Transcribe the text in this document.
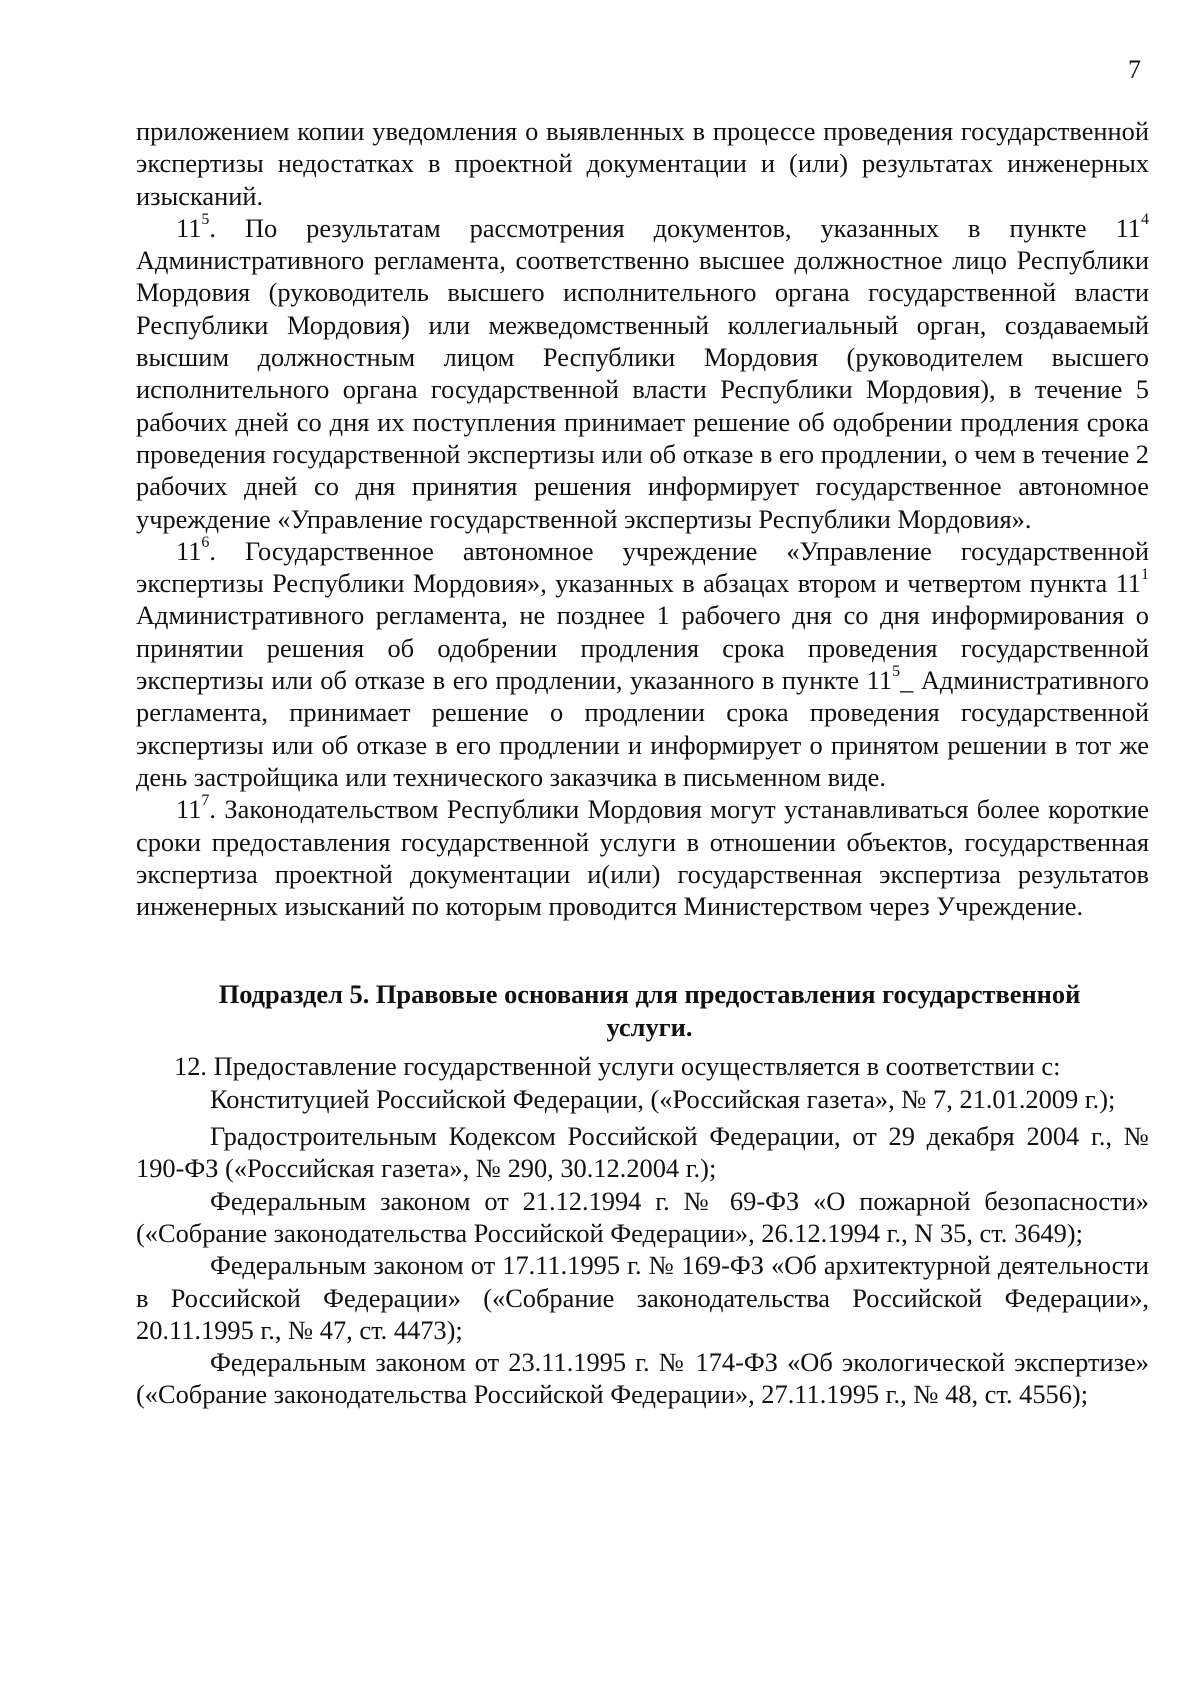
7

приложением копии уведомления о выявленных в процессе проведения государственной экспертизы недостатках в проектной документации и (или) результатах инженерных изысканий.

$11^5$. По результатам рассмотрения документов, указанных в пункте $11^4$ Административного регламента, соответственно высшее должностное лицо Республики Мордовия (руководитель высшего исполнительного органа государственной власти Республики Мордовия) или межведомственный коллегиальный орган, создаваемый высшим должностным лицом Республики Мордовия (руководителем высшего исполнительного органа государственной власти Республики Мордовия), в течение 5 рабочих дней со дня их поступления принимает решение об одобрении продления срока проведения государственной экспертизы или об отказе в его продлении, о чем в течение 2 рабочих дней со дня принятия решения информирует государственное автономное учреждение «Управление государственной экспертизы Республики Мордовия».

$11^6$. Государственное автономное учреждение «Управление государственной экспертизы Республики Мордовия», указанных в абзацах втором и четвертом пункта $11^1$ Административного регламента, не позднее 1 рабочего дня со дня информирования о принятии решения об одобрении продления срока проведения государственной экспертизы или об отказе в его продлении, указанного в пункте $11^5\_$ Административного регламента, принимает решение о продлении срока проведения государственной экспертизы или об отказе в его продлении и информирует о принятом решении в тот же день застройщика или технического заказчика в письменном виде.

$11^7$. Законодательством Республики Мордовия могут устанавливаться более короткие сроки предоставления государственной услуги в отношении объектов, государственная экспертиза проектной документации и(или) государственная экспертиза результатов инженерных изысканий по которым проводится Министерством через Учреждение.

Подраздел 5. Правовые основания для предоставления государственной
услуги.

12. Предоставление государственной услуги осуществляется в соответствии с:

Конституцией Российской Федерации, («Российская газета», № 7, 21.01.2009 г.);

Градостроительным Кодексом Российской Федерации, от 29 декабря 2004 г., № 190-ФЗ («Российская газета», № 290, 30.12.2004 г.);

Федеральным законом от 21.12.1994 г. № 69-ФЗ «О пожарной безопасности» («Собрание законодательства Российской Федерации», 26.12.1994 г., N 35, ст. 3649);

Федеральным законом от 17.11.1995 г. № 169-ФЗ «Об архитектурной деятельности в Российской Федерации» («Собрание законодательства Российской Федерации», 20.11.1995 г., № 47, ст. 4473);

Федеральным законом от 23.11.1995 г. № 174-ФЗ «Об экологической экспертизе» («Собрание законодательства Российской Федерации», 27.11.1995 г., № 48, ст. 4556);
